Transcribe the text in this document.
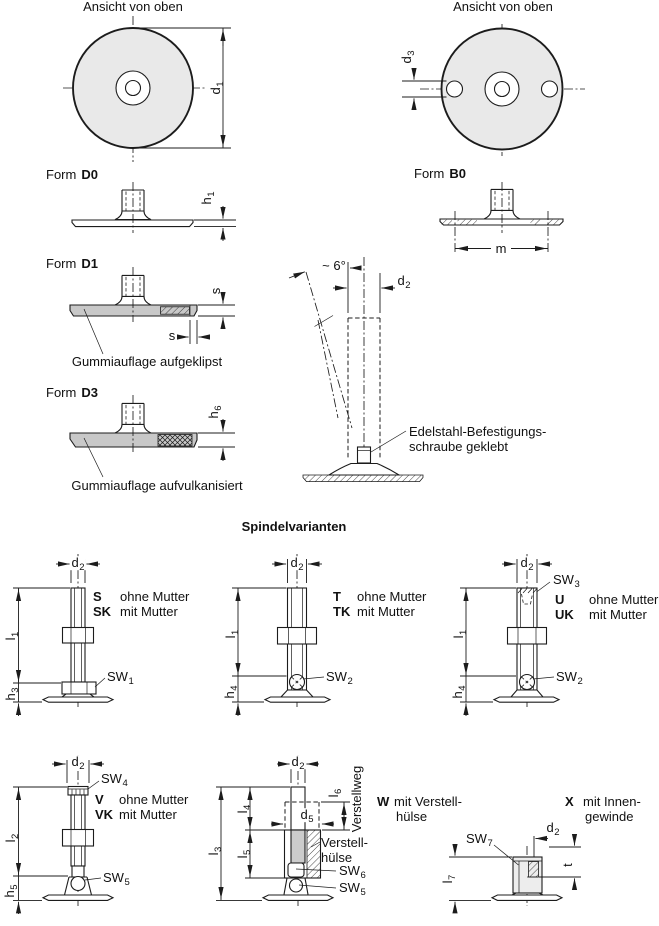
Ansicht von oben	Ansicht von oben
$d_1$
$d_3$
Form D0
$h_1$
Form B0
m
Form D1
s
s
Gummiauflage aufgeklipst
Form D3
$h_6$
Gummiauflage aufvulkanisiert
~ 6°
$d_2$
Edelstahl-Befestigungs-
schraube geklebt
Spindelvarianten
$d_2$
$l_1$
$h_3$
$SW_1$
S ohne Mutter
SK mit Mutter
$d_2$
$l_1$
$h_4$
$SW_2$
T ohne Mutter
TK mit Mutter
$d_2$
$SW_3$
$l_1$
$h_4$
$SW_2$
U ohne Mutter
UK mit Mutter
$d_2$
$SW_4$
$l_2$
$h_5$
$SW_5$
V ohne Mutter
VK mit Mutter
$d_2$
$l_6$ Verstellweg
$d_5$
$l_4$
$l_3$
$l_5$
Verstell-
hülse
$SW_6$
$SW_5$
W mit Verstell-
hülse
$SW_7$
$d_2$
t
$l_7$
X mit Innen-
gewinde
